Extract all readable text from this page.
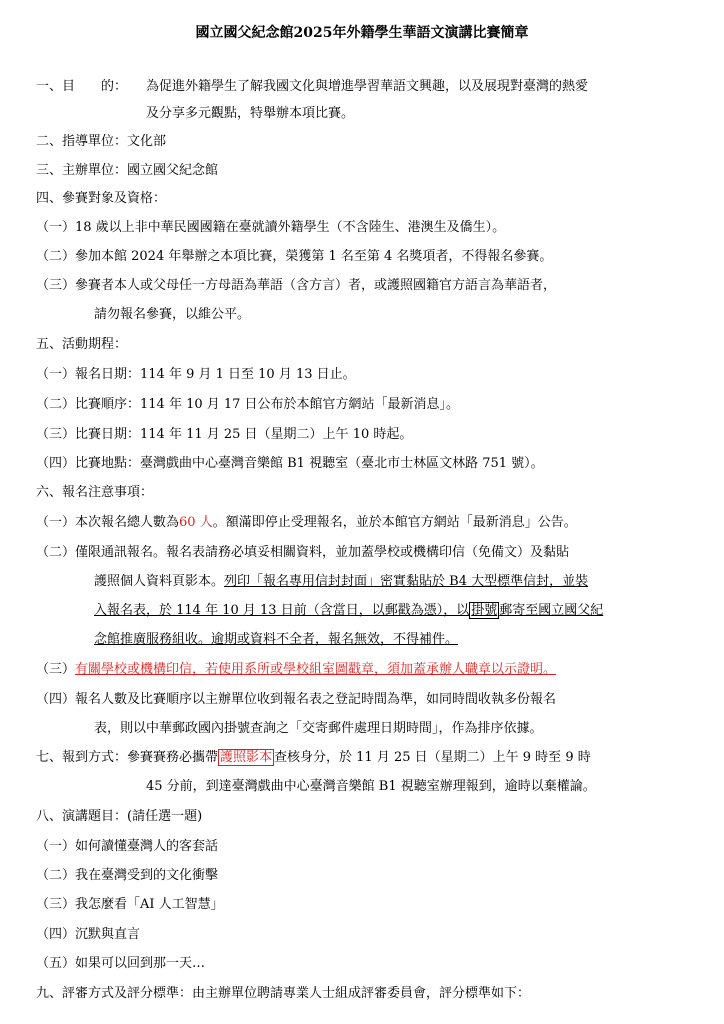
國立國父紀念館2025年外籍學生華語文演講比賽簡章
一、目　　的： 為促進外籍學生了解我國文化與增進學習華語文興趣，以及展現對臺灣的熱愛
及分享多元觀點，特舉辦本項比賽。
二、指導單位：文化部
三、主辦單位：國立國父紀念館
四、參賽對象及資格：
（一）18 歲以上非中華民國國籍在臺就讀外籍學生（不含陸生、港澳生及僑生）。
（二）參加本館 2024 年舉辦之本項比賽，榮獲第 1 名至第 4 名獎項者，不得報名參賽。
（三）參賽者本人或父母任一方母語為華語（含方言）者，或護照國籍官方語言為華語者，
請勿報名參賽，以維公平。
五、活動期程：
（一）報名日期：114 年 9 月 1 日至 10 月 13 日止。
（二）比賽順序：114 年 10 月 17 日公布於本館官方網站「最新消息」。
（三）比賽日期：114 年 11 月 25 日（星期二）上午 10 時起。
（四）比賽地點：臺灣戲曲中心臺灣音樂館 B1 視聽室（臺北市士林區文林路 751 號）。
六、報名注意事項：
（一）本次報名總人數為60 人。額滿即停止受理報名，並於本館官方網站「最新消息」公告。
（二）僅限通訊報名。報名表請務必填妥相關資料，並加蓋學校或機構印信（免備文）及黏貼
護照個人資料頁影本。列印「報名專用信封封面」密實黏貼於 B4 大型標準信封，並裝
入報名表，於 114 年 10 月 13 日前（含當日，以郵戳為憑），以 掛號 郵寄至國立國父紀
念館推廣服務組收。逾期或資料不全者，報名無效，不得補件。
（三）有關學校或機構印信，若使用系所或學校組室圖戳章，須加蓋承辦人職章以示證明。
（四）報名人數及比賽順序以主辦單位收到報名表之登記時間為準，如同時間收執多份報名
表，則以中華郵政國內掛號查詢之「交寄郵件處理日期時間」，作為排序依據。
七、報到方式：參賽賽務必攜帶 護照影本 查核身分，於 11 月 25 日（星期二）上午 9 時至 9 時
45 分前，到達臺灣戲曲中心臺灣音樂館 B1 視聽室辦理報到，逾時以棄權論。
八、演講題目：(請任選一題)
（一）如何讀懂臺灣人的客套話
（二）我在臺灣受到的文化衝擊
（三）我怎麼看「AI 人工智慧」
（四）沉默與直言
（五）如果可以回到那一天…
九、評審方式及評分標準：由主辦單位聘請專業人士組成評審委員會，評分標準如下：
